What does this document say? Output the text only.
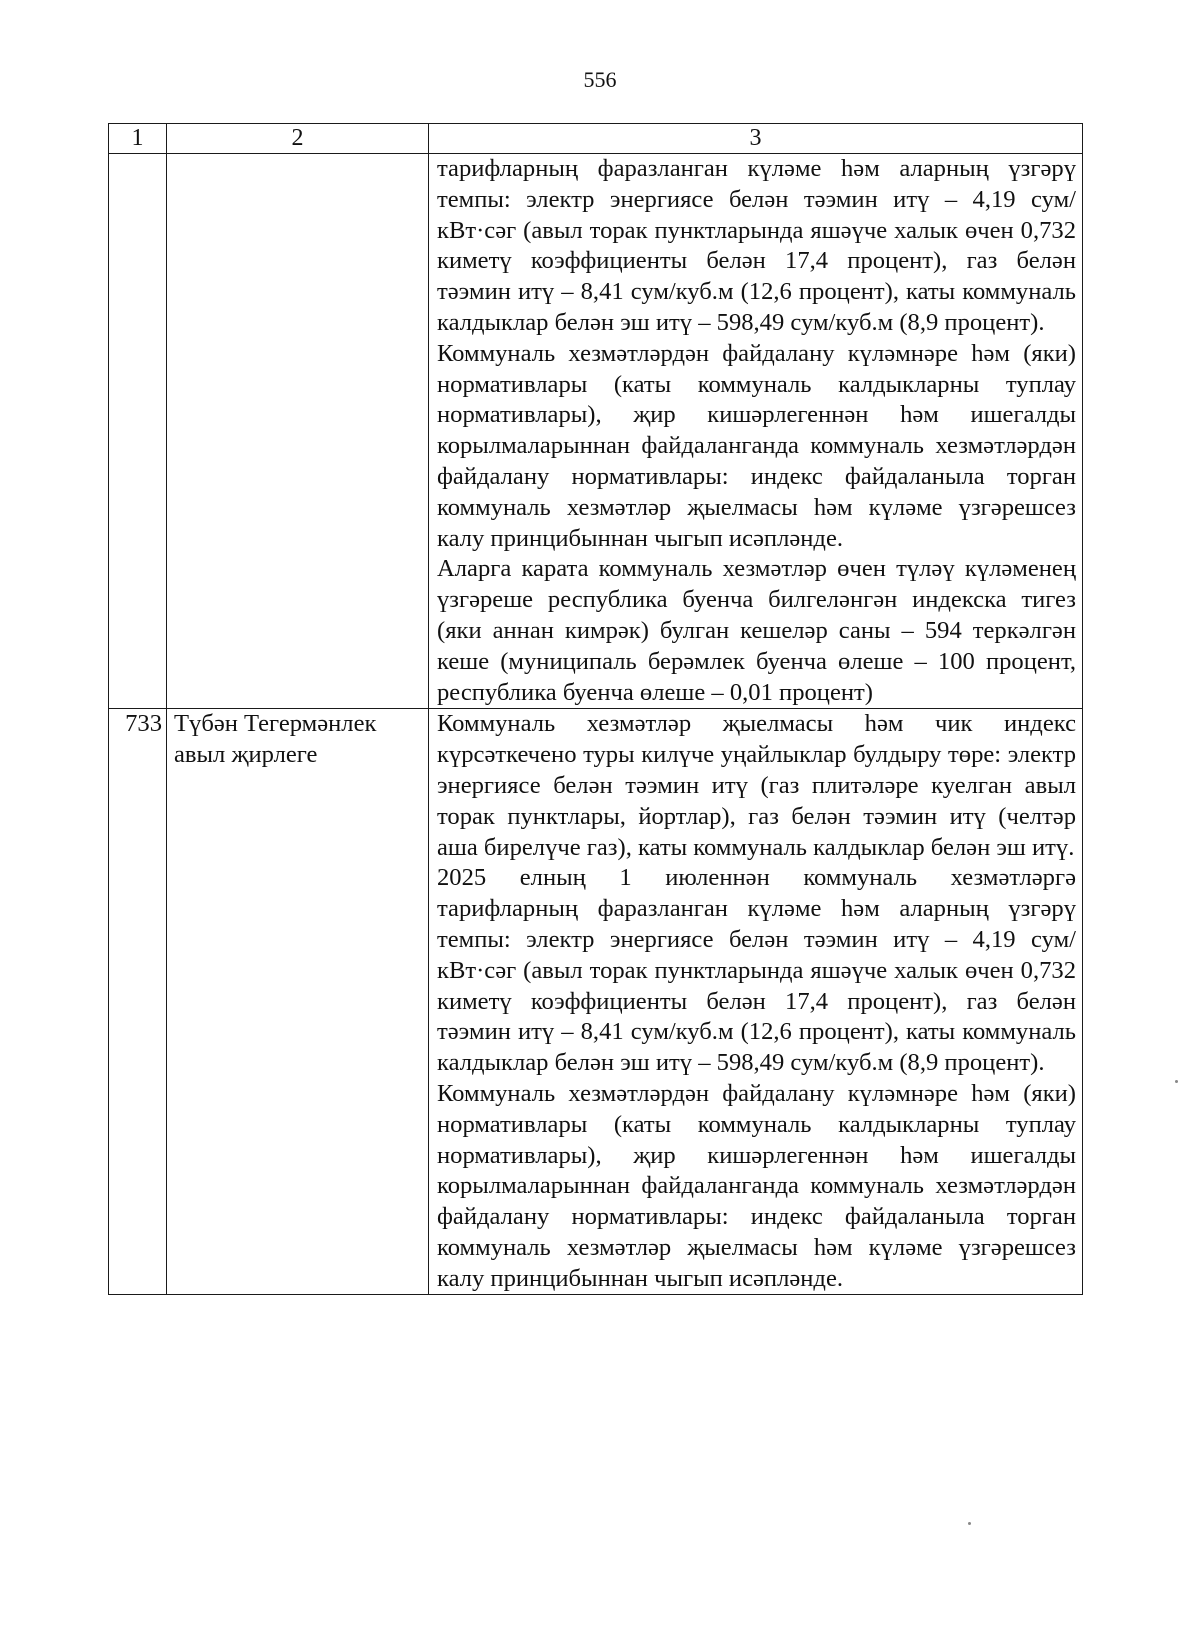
556
1	2	3

		тарифларның фаразланган күләме һәм аларның үзгәрү темпы: электр энергиясе белән тәэмин итү – 4,19 сум/кВт·сәг (авыл торак пунктларында яшәүче халык өчен 0,732 киметү коэффициенты белән 17,4 процент), газ белән тәэмин итү – 8,41 сум/куб.м (12,6 процент), каты коммуналь калдыклар белән эш итү – 598,49 сум/куб.м (8,9 процент).

Коммуналь хезмәтләрдән файдалану күләмнәре һәм (яки) нормативлары (каты коммуналь калдыкларны туплау нормативлары), җир кишәрлегеннән һәм ишегалды корылмаларыннан файдаланганда коммуналь хезмәтләрдән файдалану нормативлары: индекс файдаланыла торган коммуналь хезмәтләр җыелмасы һәм күләме үзгәрешсез калу принцибыннан чыгып исәпләнде.

Аларга карата коммуналь хезмәтләр өчен түләү күләменең үзгәреше республика буенча билгеләнгән индекска тигез (яки аннан кимрәк) булган кешеләр саны – 594 теркәлгән кеше (муниципаль берәмлек буенча өлеше – 100 процент, республика буенча өлеше – 0,01 процент)

733	Түбән Тегермәнлек авыл җирлеге	Коммуналь хезмәтләр җыелмасы һәм чик индекс күрсәткечено туры килүче уңайлыклар булдыру төре: электр энергиясе белән тәэмин итү (газ плитәләре куелган авыл торак пунктлары, йортлар), газ белән тәэмин итү (челтәр аша бирелүче газ), каты коммуналь калдыклар белән эш итү.

2025 елның 1 июленнән коммуналь хезмәтләргә тарифларның фаразланган күләме һәм аларның үзгәрү темпы: электр энергиясе белән тәэмин итү – 4,19 сум/кВт·сәг (авыл торак пунктларында яшәүче халык өчен 0,732 киметү коэффициенты белән 17,4 процент), газ белән тәэмин итү – 8,41 сум/куб.м (12,6 процент), каты коммуналь калдыклар белән эш итү – 598,49 сум/куб.м (8,9 процент).

Коммуналь хезмәтләрдән файдалану күләмнәре һәм (яки) нормативлары (каты коммуналь калдыкларны туплау нормативлары), җир кишәрлегеннән һәм ишегалды корылмаларыннан файдаланганда коммуналь хезмәтләрдән файдалану нормативлары: индекс файдаланыла торган коммуналь хезмәтләр җыелмасы һәм күләме үзгәрешсез калу принцибыннан чыгып исәпләнде.
